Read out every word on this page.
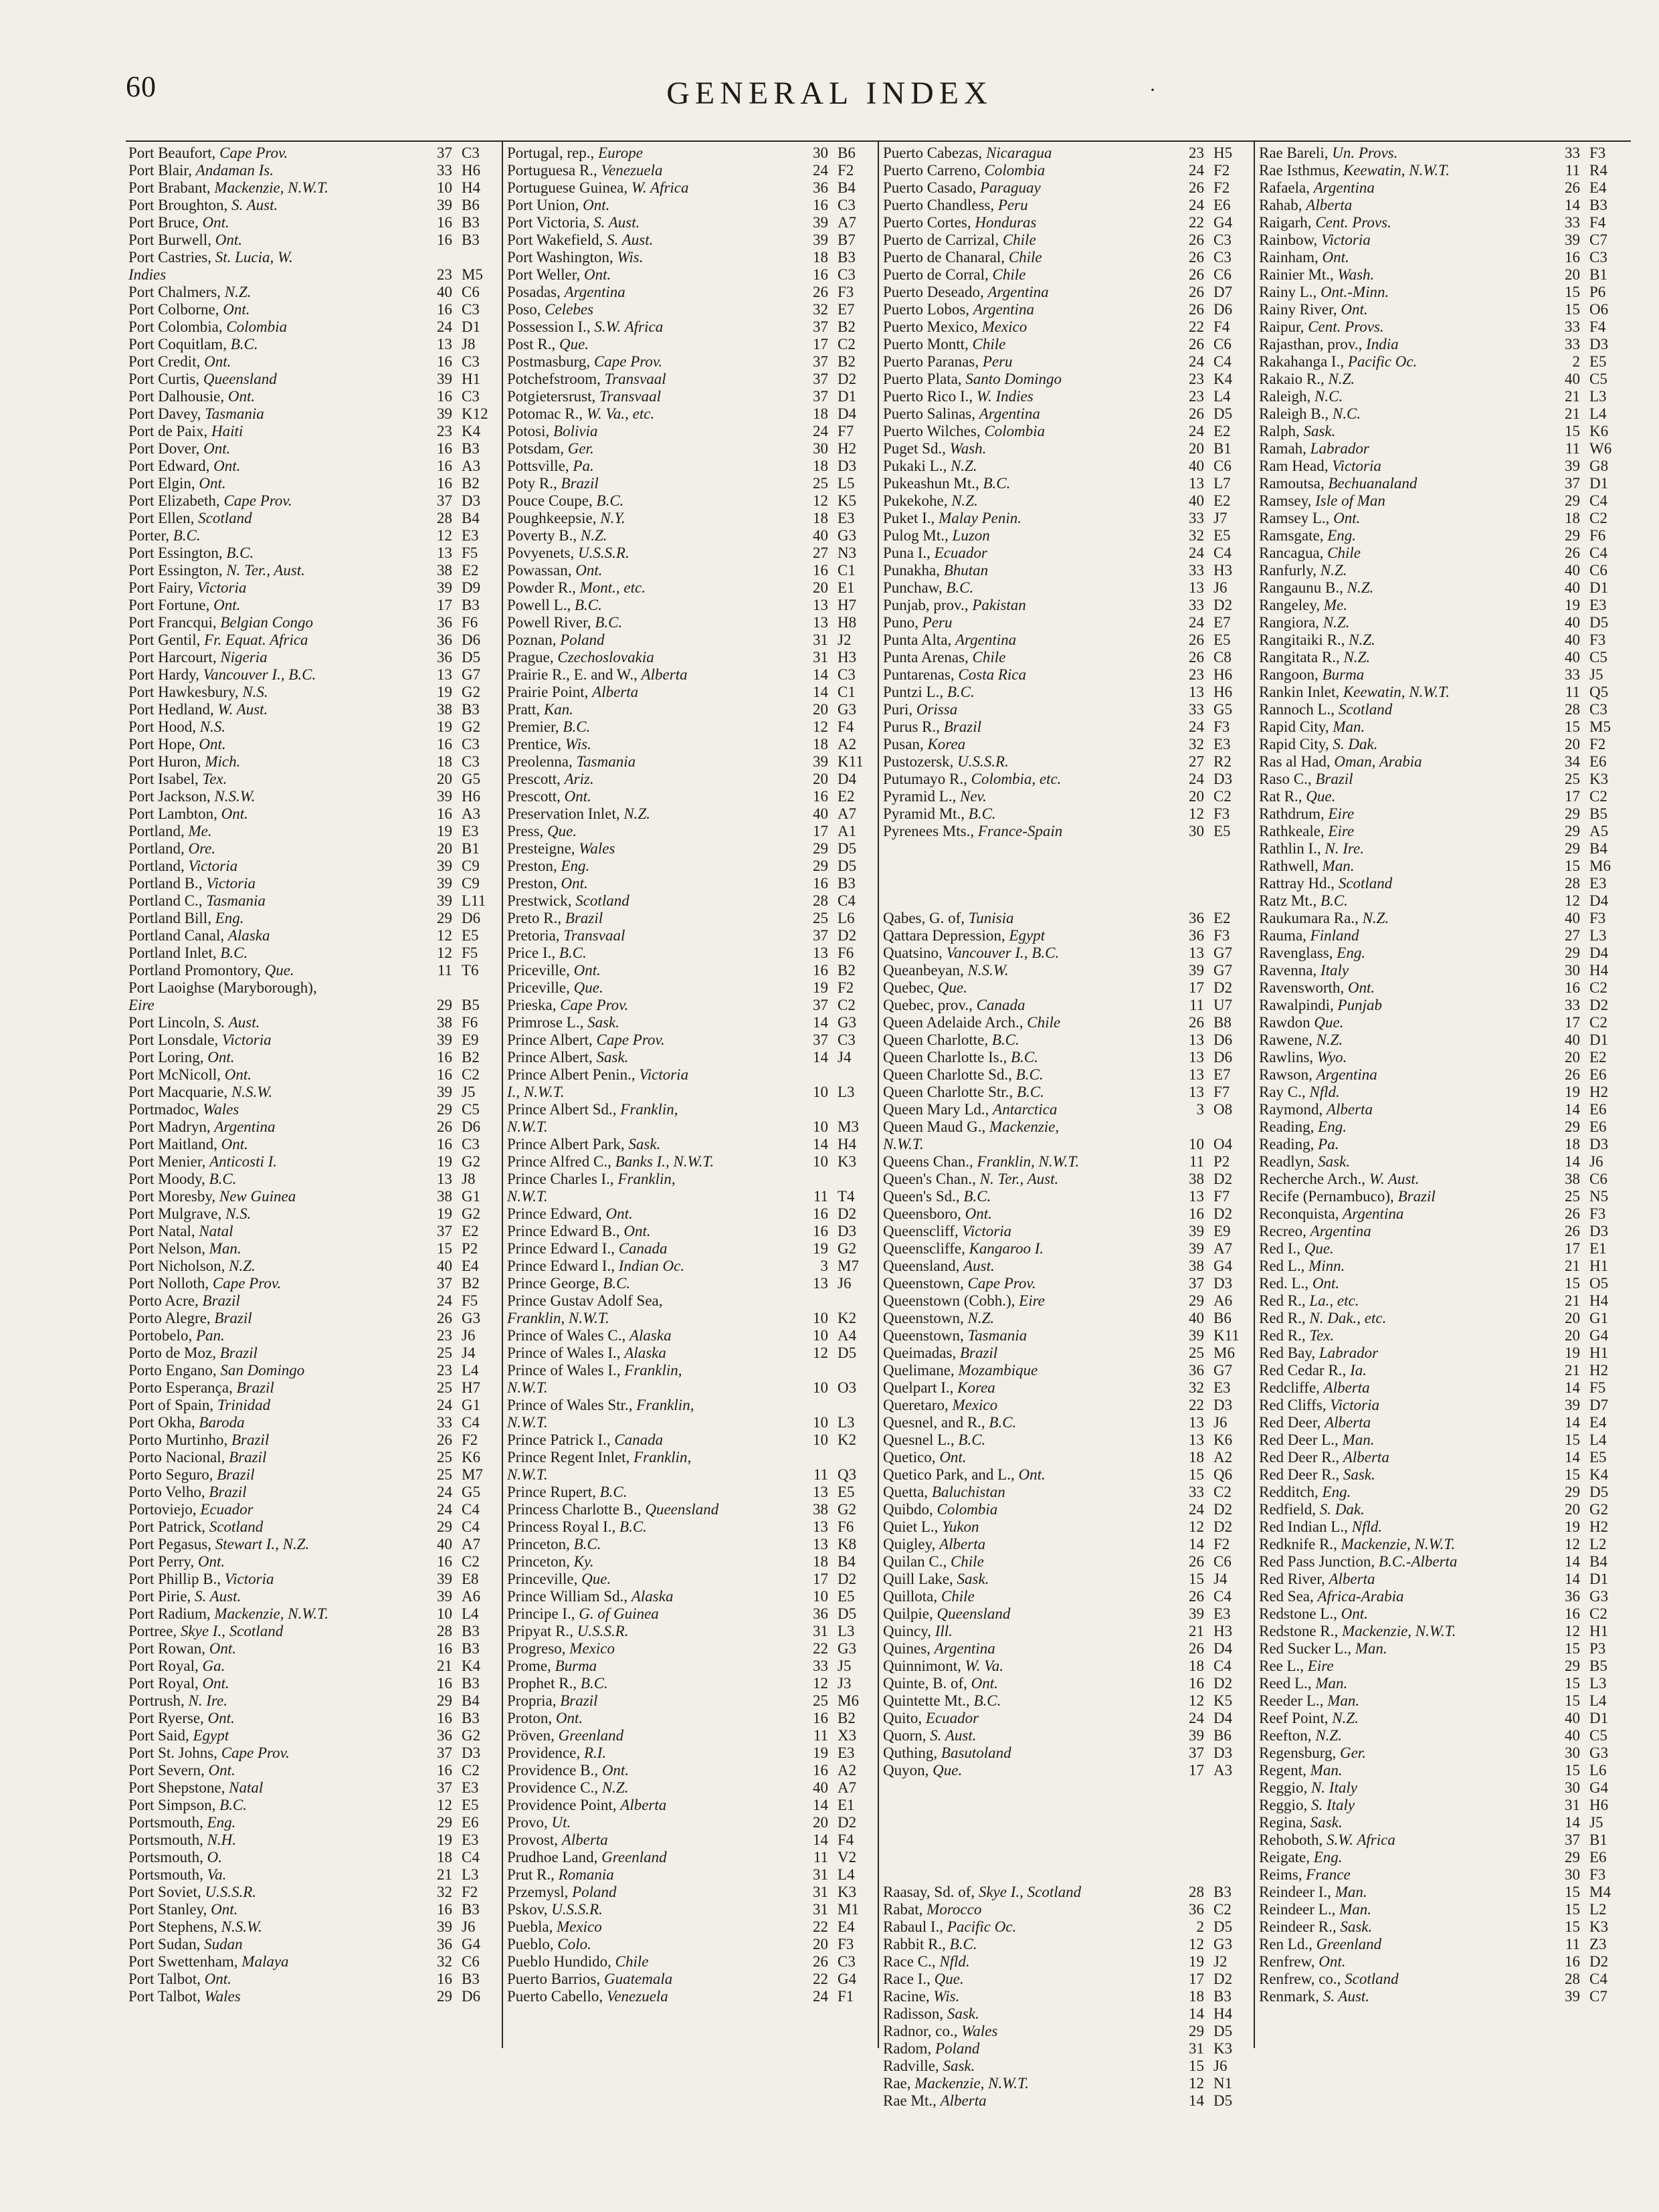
60	GENERAL INDEX	·
Port Beaufort, Cape Prov.	37 C3
Port Blair, Andaman Is.	33 H6
Port Brabant, Mackenzie, N.W.T.	10 H4
Port Broughton, S. Aust.	39 B6
Port Bruce, Ont.	16 B3
Port Burwell, Ont.	16 B3
Port Castries, St. Lucia, W.
Indies	23 M5
Port Chalmers, N.Z.	40 C6
Port Colborne, Ont.	16 C3
Port Colombia, Colombia	24 D1
Port Coquitlam, B.C.	13 J8
Port Credit, Ont.	16 C3
Port Curtis, Queensland	39 H1
Port Dalhousie, Ont.	16 C3
Port Davey, Tasmania	39 K12
Port de Paix, Haiti	23 K4
Port Dover, Ont.	16 B3
Port Edward, Ont.	16 A3
Port Elgin, Ont.	16 B2
Port Elizabeth, Cape Prov.	37 D3
Port Ellen, Scotland	28 B4
Porter, B.C.	12 E3
Port Essington, B.C.	13 F5
Port Essington, N. Ter., Aust.	38 E2
Port Fairy, Victoria	39 D9
Port Fortune, Ont.	17 B3
Port Francqui, Belgian Congo	36 F6
Port Gentil, Fr. Equat. Africa	36 D6
Port Harcourt, Nigeria	36 D5
Port Hardy, Vancouver I., B.C.	13 G7
Port Hawkesbury, N.S.	19 G2
Port Hedland, W. Aust.	38 B3
Port Hood, N.S.	19 G2
Port Hope, Ont.	16 C3
Port Huron, Mich.	18 C3
Port Isabel, Tex.	20 G5
Port Jackson, N.S.W.	39 H6
Port Lambton, Ont.	16 A3
Portland, Me.	19 E3
Portland, Ore.	20 B1
Portland, Victoria	39 C9
Portland B., Victoria	39 C9
Portland C., Tasmania	39 L11
Portland Bill, Eng.	29 D6
Portland Canal, Alaska	12 E5
Portland Inlet, B.C.	12 F5
Portland Promontory, Que.	11 T6
Port Laoighse (Maryborough),
Eire	29 B5
Port Lincoln, S. Aust.	38 F6
Port Lonsdale, Victoria	39 E9
Port Loring, Ont.	16 B2
Port McNicoll, Ont.	16 C2
Port Macquarie, N.S.W.	39 J5
Portmadoc, Wales	29 C5
Port Madryn, Argentina	26 D6
Port Maitland, Ont.	16 C3
Port Menier, Anticosti I.	19 G2
Port Moody, B.C.	13 J8
Port Moresby, New Guinea	38 G1
Port Mulgrave, N.S.	19 G2
Port Natal, Natal	37 E2
Port Nelson, Man.	15 P2
Port Nicholson, N.Z.	40 E4
Port Nolloth, Cape Prov.	37 B2
Porto Acre, Brazil	24 F5
Porto Alegre, Brazil	26 G3
Portobelo, Pan.	23 J6
Porto de Moz, Brazil	25 J4
Porto Engano, San Domingo	23 L4
Porto Esperança, Brazil	25 H7
Port of Spain, Trinidad	24 G1
Port Okha, Baroda	33 C4
Porto Murtinho, Brazil	26 F2
Porto Nacional, Brazil	25 K6
Porto Seguro, Brazil	25 M7
Porto Velho, Brazil	24 G5
Portoviejo, Ecuador	24 C4
Port Patrick, Scotland	29 C4
Port Pegasus, Stewart I., N.Z.	40 A7
Port Perry, Ont.	16 C2
Port Phillip B., Victoria	39 E8
Port Pirie, S. Aust.	39 A6
Port Radium, Mackenzie, N.W.T.	10 L4
Portree, Skye I., Scotland	28 B3
Port Rowan, Ont.	16 B3
Port Royal, Ga.	21 K4
Port Royal, Ont.	16 B3
Portrush, N. Ire.	29 B4
Port Ryerse, Ont.	16 B3
Port Said, Egypt	36 G2
Port St. Johns, Cape Prov.	37 D3
Port Severn, Ont.	16 C2
Port Shepstone, Natal	37 E3
Port Simpson, B.C.	12 E5
Portsmouth, Eng.	29 E6
Portsmouth, N.H.	19 E3
Portsmouth, O.	18 C4
Portsmouth, Va.	21 L3
Port Soviet, U.S.S.R.	32 F2
Port Stanley, Ont.	16 B3
Port Stephens, N.S.W.	39 J6
Port Sudan, Sudan	36 G4
Port Swettenham, Malaya	32 C6
Port Talbot, Ont.	16 B3
Port Talbot, Wales	29 D6
Portugal, rep., Europe	30 B6
Portuguesa R., Venezuela	24 F2
Portuguese Guinea, W. Africa	36 B4
Port Union, Ont.	16 C3
Port Victoria, S. Aust.	39 A7
Port Wakefield, S. Aust.	39 B7
Port Washington, Wis.	18 B3
Port Weller, Ont.	16 C3
Posadas, Argentina	26 F3
Poso, Celebes	32 E7
Possession I., S.W. Africa	37 B2
Post R., Que.	17 C2
Postmasburg, Cape Prov.	37 B2
Potchefstroom, Transvaal	37 D2
Potgietersrust, Transvaal	37 D1
Potomac R., W. Va., etc.	18 D4
Potosi, Bolivia	24 F7
Potsdam, Ger.	30 H2
Pottsville, Pa.	18 D3
Poty R., Brazil	25 L5
Pouce Coupe, B.C.	12 K5
Poughkeepsie, N.Y.	18 E3
Poverty B., N.Z.	40 G3
Povyenets, U.S.S.R.	27 N3
Powassan, Ont.	16 C1
Powder R., Mont., etc.	20 E1
Powell L., B.C.	13 H7
Powell River, B.C.	13 H8
Poznan, Poland	31 J2
Prague, Czechoslovakia	31 H3
Prairie R., E. and W., Alberta	14 C3
Prairie Point, Alberta	14 C1
Pratt, Kan.	20 G3
Premier, B.C.	12 F4
Prentice, Wis.	18 A2
Preolenna, Tasmania	39 K11
Prescott, Ariz.	20 D4
Prescott, Ont.	16 E2
Preservation Inlet, N.Z.	40 A7
Press, Que.	17 A1
Presteigne, Wales	29 D5
Preston, Eng.	29 D5
Preston, Ont.	16 B3
Prestwick, Scotland	28 C4
Preto R., Brazil	25 L6
Pretoria, Transvaal	37 D2
Price I., B.C.	13 F6
Priceville, Ont.	16 B2
Priceville, Que.	19 F2
Prieska, Cape Prov.	37 C2
Primrose L., Sask.	14 G3
Prince Albert, Cape Prov.	37 C3
Prince Albert, Sask.	14 J4
Prince Albert Penin., Victoria
I., N.W.T.	10 L3
Prince Albert Sd., Franklin,
N.W.T.	10 M3
Prince Albert Park, Sask.	14 H4
Prince Alfred C., Banks I., N.W.T.	10 K3
Prince Charles I., Franklin,
N.W.T.	11 T4
Prince Edward, Ont.	16 D2
Prince Edward B., Ont.	16 D3
Prince Edward I., Canada	19 G2
Prince Edward I., Indian Oc.	3 M7
Prince George, B.C.	13 J6
Prince Gustav Adolf Sea,
Franklin, N.W.T.	10 K2
Prince of Wales C., Alaska	10 A4
Prince of Wales I., Alaska	12 D5
Prince of Wales I., Franklin,
N.W.T.	10 O3
Prince of Wales Str., Franklin,
N.W.T.	10 L3
Prince Patrick I., Canada	10 K2
Prince Regent Inlet, Franklin,
N.W.T.	11 Q3
Prince Rupert, B.C.	13 E5
Princess Charlotte B., Queensland	38 G2
Princess Royal I., B.C.	13 F6
Princeton, B.C.	13 K8
Princeton, Ky.	18 B4
Princeville, Que.	17 D2
Prince William Sd., Alaska	10 E5
Principe I., G. of Guinea	36 D5
Pripyat R., U.S.S.R.	31 L3
Progreso, Mexico	22 G3
Prome, Burma	33 J5
Prophet R., B.C.	12 J3
Propria, Brazil	25 M6
Proton, Ont.	16 B2
Pröven, Greenland	11 X3
Providence, R.I.	19 E3
Providence B., Ont.	16 A2
Providence C., N.Z.	40 A7
Providence Point, Alberta	14 E1
Provo, Ut.	20 D2
Provost, Alberta	14 F4
Prudhoe Land, Greenland	11 V2
Prut R., Romania	31 L4
Przemysl, Poland	31 K3
Pskov, U.S.S.R.	31 M1
Puebla, Mexico	22 E4
Pueblo, Colo.	20 F3
Pueblo Hundido, Chile	26 C3
Puerto Barrios, Guatemala	22 G4
Puerto Cabello, Venezuela	24 F1
Puerto Cabezas, Nicaragua	23 H5
Puerto Carreno, Colombia	24 F2
Puerto Casado, Paraguay	26 F2
Puerto Chandless, Peru	24 E6
Puerto Cortes, Honduras	22 G4
Puerto de Carrizal, Chile	26 C3
Puerto de Chanaral, Chile	26 C3
Puerto de Corral, Chile	26 C6
Puerto Deseado, Argentina	26 D7
Puerto Lobos, Argentina	26 D6
Puerto Mexico, Mexico	22 F4
Puerto Montt, Chile	26 C6
Puerto Paranas, Peru	24 C4
Puerto Plata, Santo Domingo	23 K4
Puerto Rico I., W. Indies	23 L4
Puerto Salinas, Argentina	26 D5
Puerto Wilches, Colombia	24 E2
Puget Sd., Wash.	20 B1
Pukaki L., N.Z.	40 C6
Pukeashun Mt., B.C.	13 L7
Pukekohe, N.Z.	40 E2
Puket I., Malay Penin.	33 J7
Pulog Mt., Luzon	32 E5
Puna I., Ecuador	24 C4
Punakha, Bhutan	33 H3
Punchaw, B.C.	13 J6
Punjab, prov., Pakistan	33 D2
Puno, Peru	24 E7
Punta Alta, Argentina	26 E5
Punta Arenas, Chile	26 C8
Puntarenas, Costa Rica	23 H6
Puntzi L., B.C.	13 H6
Puri, Orissa	33 G5
Purus R., Brazil	24 F3
Pusan, Korea	32 E3
Pustozersk, U.S.S.R.	27 R2
Putumayo R., Colombia, etc.	24 D3
Pyramid L., Nev.	20 C2
Pyramid Mt., B.C.	12 F3
Pyrenees Mts., France-Spain	30 E5
Qabes, G. of, Tunisia	36 E2
Qattara Depression, Egypt	36 F3
Quatsino, Vancouver I., B.C.	13 G7
Queanbeyan, N.S.W.	39 G7
Quebec, Que.	17 D2
Quebec, prov., Canada	11 U7
Queen Adelaide Arch., Chile	26 B8
Queen Charlotte, B.C.	13 D6
Queen Charlotte Is., B.C.	13 D6
Queen Charlotte Sd., B.C.	13 E7
Queen Charlotte Str., B.C.	13 F7
Queen Mary Ld., Antarctica	3 O8
Queen Maud G., Mackenzie,
N.W.T.	10 O4
Queens Chan., Franklin, N.W.T.	11 P2
Queen's Chan., N. Ter., Aust.	38 D2
Queen's Sd., B.C.	13 F7
Queensboro, Ont.	16 D2
Queenscliff, Victoria	39 E9
Queenscliffe, Kangaroo I.	39 A7
Queensland, Aust.	38 G4
Queenstown, Cape Prov.	37 D3
Queenstown (Cobh.), Eire	29 A6
Queenstown, N.Z.	40 B6
Queenstown, Tasmania	39 K11
Queimadas, Brazil	25 M6
Quelimane, Mozambique	36 G7
Quelpart I., Korea	32 E3
Queretaro, Mexico	22 D3
Quesnel, and R., B.C.	13 J6
Quesnel L., B.C.	13 K6
Quetico, Ont.	18 A2
Quetico Park, and L., Ont.	15 Q6
Quetta, Baluchistan	33 C2
Quibdo, Colombia	24 D2
Quiet L., Yukon	12 D2
Quigley, Alberta	14 F2
Quilan C., Chile	26 C6
Quill Lake, Sask.	15 J4
Quillota, Chile	26 C4
Quilpie, Queensland	39 E3
Quincy, Ill.	21 H3
Quines, Argentina	26 D4
Quinnimont, W. Va.	18 C4
Quinte, B. of, Ont.	16 D2
Quintette Mt., B.C.	12 K5
Quito, Ecuador	24 D4
Quorn, S. Aust.	39 B6
Quthing, Basutoland	37 D3
Quyon, Que.	17 A3
Raasay, Sd. of, Skye I., Scotland	28 B3
Rabat, Morocco	36 C2
Rabaul I., Pacific Oc.	2 D5
Rabbit R., B.C.	12 G3
Race C., Nfld.	19 J2
Race I., Que.	17 D2
Racine, Wis.	18 B3
Radisson, Sask.	14 H4
Radnor, co., Wales	29 D5
Radom, Poland	31 K3
Radville, Sask.	15 J6
Rae, Mackenzie, N.W.T.	12 N1
Rae Mt., Alberta	14 D5
Rae Bareli, Un. Provs.	33 F3
Rae Isthmus, Keewatin, N.W.T.	11 R4
Rafaela, Argentina	26 E4
Rahab, Alberta	14 B3
Raigarh, Cent. Provs.	33 F4
Rainbow, Victoria	39 C7
Rainham, Ont.	16 C3
Rainier Mt., Wash.	20 B1
Rainy L., Ont.-Minn.	15 P6
Rainy River, Ont.	15 O6
Raipur, Cent. Provs.	33 F4
Rajasthan, prov., India	33 D3
Rakahanga I., Pacific Oc.	2 E5
Rakaio R., N.Z.	40 C5
Raleigh, N.C.	21 L3
Raleigh B., N.C.	21 L4
Ralph, Sask.	15 K6
Ramah, Labrador	11 W6
Ram Head, Victoria	39 G8
Ramoutsa, Bechuanaland	37 D1
Ramsey, Isle of Man	29 C4
Ramsey L., Ont.	18 C2
Ramsgate, Eng.	29 F6
Rancagua, Chile	26 C4
Ranfurly, N.Z.	40 C6
Rangaunu B., N.Z.	40 D1
Rangeley, Me.	19 E3
Rangiora, N.Z.	40 D5
Rangitaiki R., N.Z.	40 F3
Rangitata R., N.Z.	40 C5
Rangoon, Burma	33 J5
Rankin Inlet, Keewatin, N.W.T.	11 Q5
Rannoch L., Scotland	28 C3
Rapid City, Man.	15 M5
Rapid City, S. Dak.	20 F2
Ras al Had, Oman, Arabia	34 E6
Raso C., Brazil	25 K3
Rat R., Que.	17 C2
Rathdrum, Eire	29 B5
Rathkeale, Eire	29 A5
Rathlin I., N. Ire.	29 B4
Rathwell, Man.	15 M6
Rattray Hd., Scotland	28 E3
Ratz Mt., B.C.	12 D4
Raukumara Ra., N.Z.	40 F3
Rauma, Finland	27 L3
Ravenglass, Eng.	29 D4
Ravenna, Italy	30 H4
Ravensworth, Ont.	16 C2
Rawalpindi, Punjab	33 D2
Rawdon Que.	17 C2
Rawene, N.Z.	40 D1
Rawlins, Wyo.	20 E2
Rawson, Argentina	26 E6
Ray C., Nfld.	19 H2
Raymond, Alberta	14 E6
Reading, Eng.	29 E6
Reading, Pa.	18 D3
Readlyn, Sask.	14 J6
Recherche Arch., W. Aust.	38 C6
Recife (Pernambuco), Brazil	25 N5
Reconquista, Argentina	26 F3
Recreo, Argentina	26 D3
Red I., Que.	17 E1
Red L., Minn.	21 H1
Red. L., Ont.	15 O5
Red R., La., etc.	21 H4
Red R., N. Dak., etc.	20 G1
Red R., Tex.	20 G4
Red Bay, Labrador	19 H1
Red Cedar R., Ia.	21 H2
Redcliffe, Alberta	14 F5
Red Cliffs, Victoria	39 D7
Red Deer, Alberta	14 E4
Red Deer L., Man.	15 L4
Red Deer R., Alberta	14 E5
Red Deer R., Sask.	15 K4
Redditch, Eng.	29 D5
Redfield, S. Dak.	20 G2
Red Indian L., Nfld.	19 H2
Redknife R., Mackenzie, N.W.T.	12 L2
Red Pass Junction, B.C.-Alberta	14 B4
Red River, Alberta	14 D1
Red Sea, Africa-Arabia	36 G3
Redstone L., Ont.	16 C2
Redstone R., Mackenzie, N.W.T.	12 H1
Red Sucker L., Man.	15 P3
Ree L., Eire	29 B5
Reed L., Man.	15 L3
Reeder L., Man.	15 L4
Reef Point, N.Z.	40 D1
Reefton, N.Z.	40 C5
Regensburg, Ger.	30 G3
Regent, Man.	15 L6
Reggio, N. Italy	30 G4
Reggio, S. Italy	31 H6
Regina, Sask.	14 J5
Rehoboth, S.W. Africa	37 B1
Reigate, Eng.	29 E6
Reims, France	30 F3
Reindeer I., Man.	15 M4
Reindeer L., Man.	15 L2
Reindeer R., Sask.	15 K3
Ren Ld., Greenland	11 Z3
Renfrew, Ont.	16 D2
Renfrew, co., Scotland	28 C4
Renmark, S. Aust.	39 C7
